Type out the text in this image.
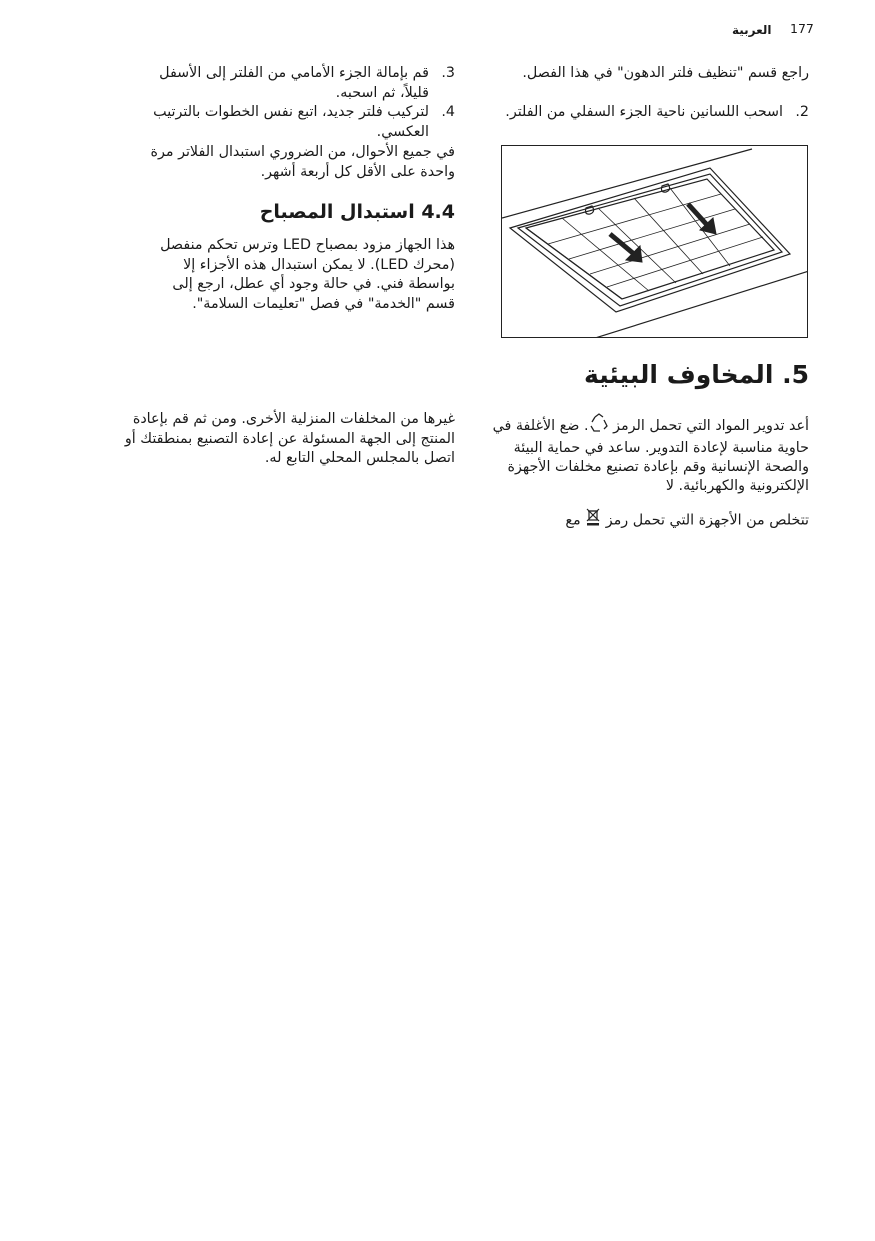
العربية 177

راجع قسم "تنظيف فلتر الدهون" في هذا الفصل.

2.
اسحب اللسانين ناحية الجزء السفلي من الفلتر.
5. المخاوف البيئية

أعد تدوير المواد التي تحمل الرمز . ضع الأغلفة في حاوية مناسبة لإعادة التدوير. ساعد في حماية البيئة والصحة الإنسانية وقم بإعادة تصنيع مخلفات الأجهزة الإلكترونية والكهربائية. لا

تتخلص من الأجهزة التي تحمل رمز  مع

3.
قم بإمالة الجزء الأمامي من الفلتر إلى الأسفل قليلاً، ثم اسحبه.
4.
لتركيب فلتر جديد، اتبع نفس الخطوات بالترتيب العكسي.

في جميع الأحوال، من الضروري استبدال الفلاتر مرة واحدة على الأقل كل أربعة أشهر.

4.4 استبدال المصباح

هذا الجهاز مزود بمصباح LED وترس تحكم منفصل (محرك LED). لا يمكن استبدال هذه الأجزاء إلا بواسطة فني. في حالة وجود أي عطل، ارجع إلى قسم "الخدمة" في فصل "تعليمات السلامة".

غيرها من المخلفات المنزلية الأخرى. ومن ثم قم بإعادة المنتج إلى الجهة المسئولة عن إعادة التصنيع بمنطقتك أو اتصل بالمجلس المحلي التابع له.
